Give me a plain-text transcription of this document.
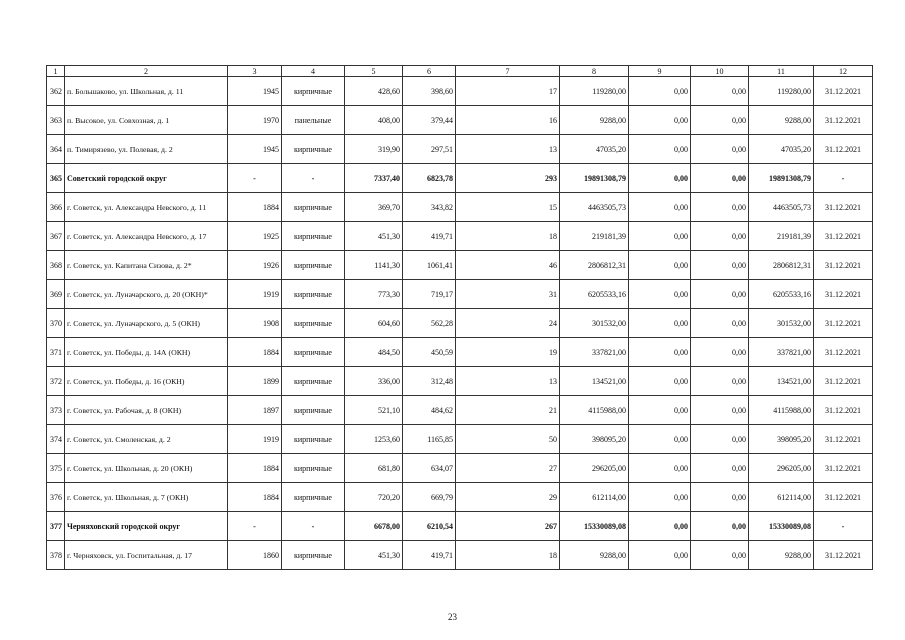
1	2	3	4	5	6	7	8	9	10	11	12
362	п. Большаково, ул. Школьная, д. 11	1945	кирпичные	428,60	398,60	17	119280,00	0,00	0,00	119280,00	31.12.2021
363	п. Высокое, ул. Совхозная, д. 1	1970	панельные	408,00	379,44	16	9288,00	0,00	0,00	9288,00	31.12.2021
364	п. Тимирязево, ул. Полевая, д. 2	1945	кирпичные	319,90	297,51	13	47035,20	0,00	0,00	47035,20	31.12.2021
365	Советский городской округ	-	-	7337,40	6823,78	293	19891308,79	0,00	0,00	19891308,79	-
366	г. Советск, ул. Александра Невского, д. 11	1884	кирпичные	369,70	343,82	15	4463505,73	0,00	0,00	4463505,73	31.12.2021
367	г. Советск, ул. Александра Невского, д. 17	1925	кирпичные	451,30	419,71	18	219181,39	0,00	0,00	219181,39	31.12.2021
368	г. Советск, ул. Капитана Сизова, д. 2*	1926	кирпичные	1141,30	1061,41	46	2806812,31	0,00	0,00	2806812,31	31.12.2021
369	г. Советск, ул. Луначарского, д. 20 (ОКН)*	1919	кирпичные	773,30	719,17	31	6205533,16	0,00	0,00	6205533,16	31.12.2021
370	г. Советск, ул. Луначарского, д. 5 (ОКН)	1908	кирпичные	604,60	562,28	24	301532,00	0,00	0,00	301532,00	31.12.2021
371	г. Советск, ул. Победы, д. 14А (ОКН)	1884	кирпичные	484,50	450,59	19	337821,00	0,00	0,00	337821,00	31.12.2021
372	г. Советск, ул. Победы, д. 16 (ОКН)	1899	кирпичные	336,00	312,48	13	134521,00	0,00	0,00	134521,00	31.12.2021
373	г. Советск, ул. Рабочая, д. 8 (ОКН)	1897	кирпичные	521,10	484,62	21	4115988,00	0,00	0,00	4115988,00	31.12.2021
374	г. Советск, ул. Смоленская, д. 2	1919	кирпичные	1253,60	1165,85	50	398095,20	0,00	0,00	398095,20	31.12.2021
375	г. Советск, ул. Школьная, д. 20 (ОКН)	1884	кирпичные	681,80	634,07	27	296205,00	0,00	0,00	296205,00	31.12.2021
376	г. Советск, ул. Школьная, д. 7 (ОКН)	1884	кирпичные	720,20	669,79	29	612114,00	0,00	0,00	612114,00	31.12.2021
377	Черняховский городской округ	-	-	6678,00	6210,54	267	15330089,08	0,00	0,00	15330089,08	-
378	г. Черняховск, ул. Госпитальная, д. 17	1860	кирпичные	451,30	419,71	18	9288,00	0,00	0,00	9288,00	31.12.2021
23
